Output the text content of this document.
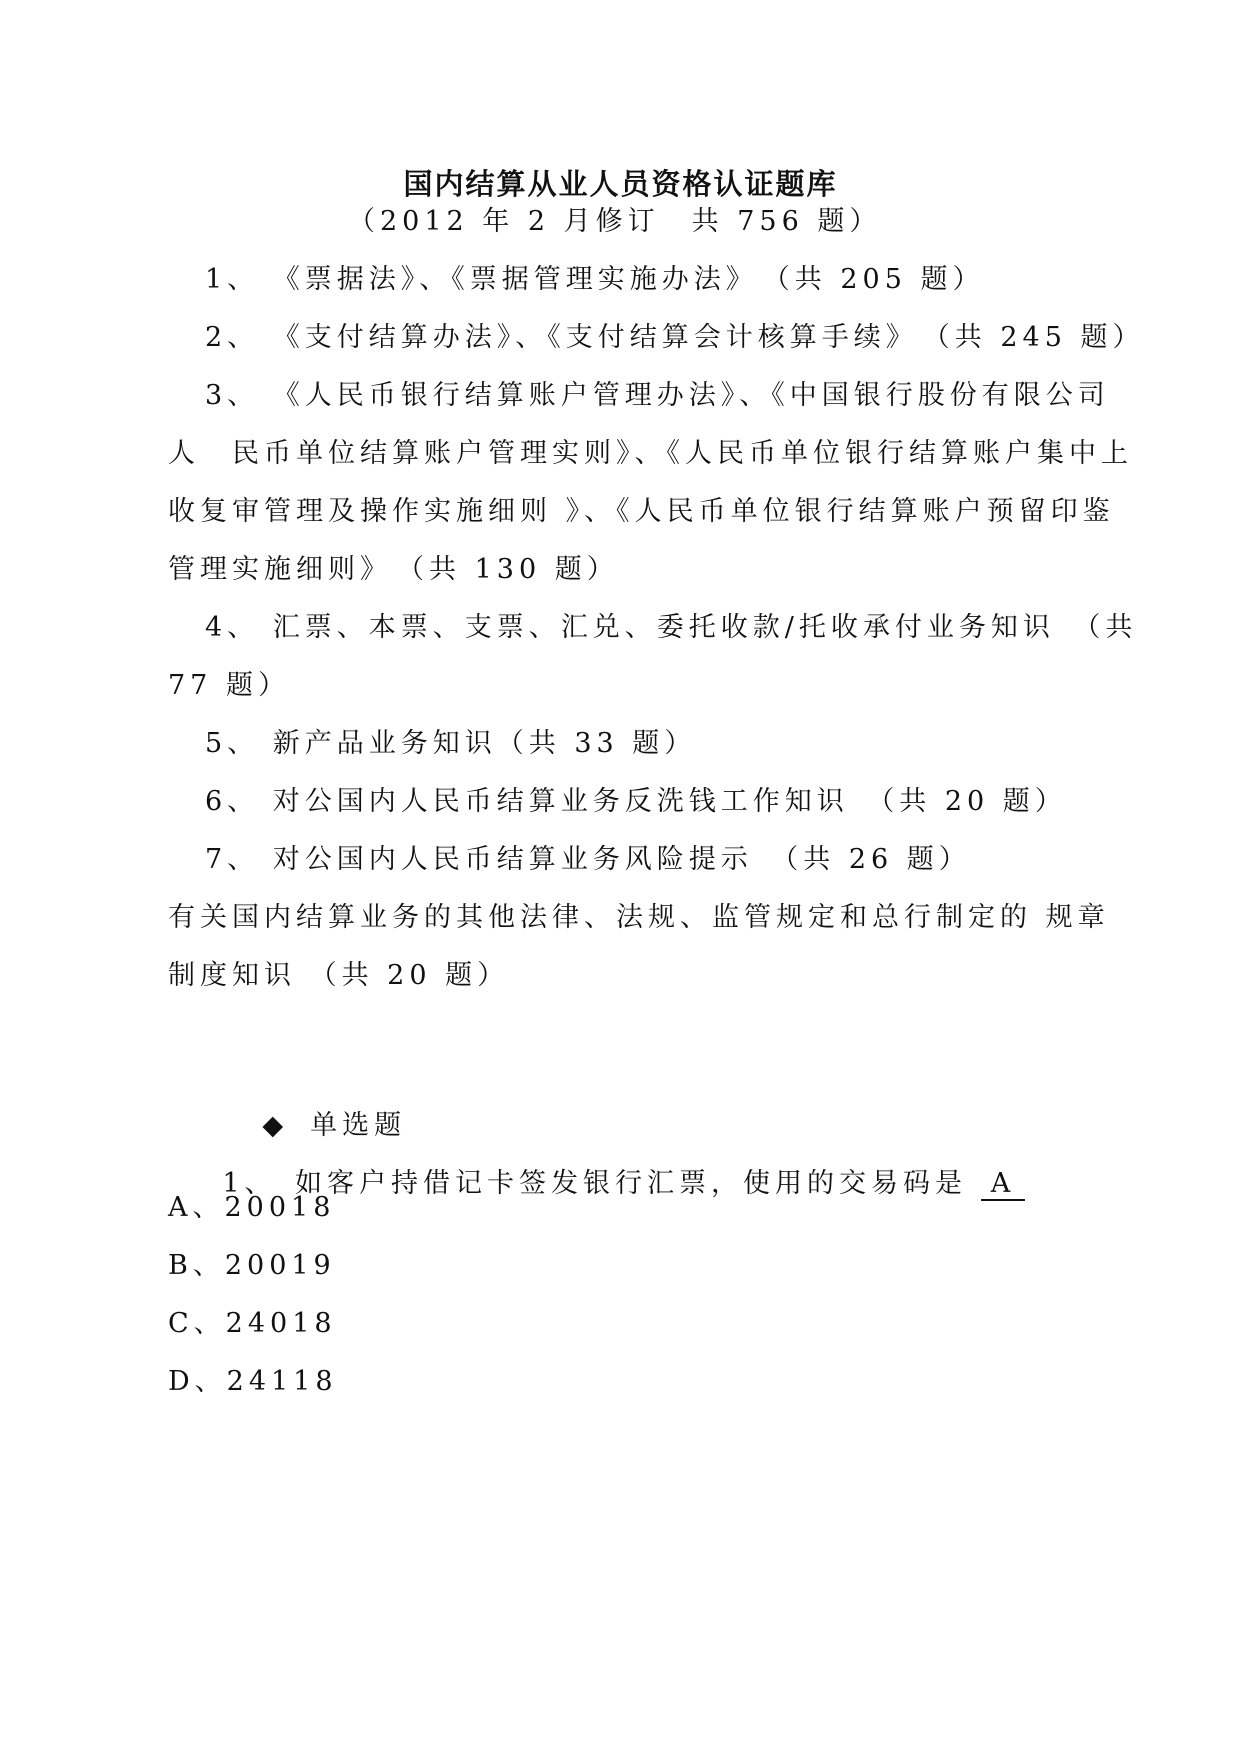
国内结算从业人员资格认证题库
（2012 年 2 月修订　共 756 题）
1、 《票据法》、《票据管理实施办法》　（共 205 题）
2、 《支付结算办法》、《支付结算会计核算手续》　（共 245 题）
3、 《人民币银行结算账户管理办法》、《中国银行股份有限公司
人　民币单位结算账户管理实则》、《人民币单位银行结算账户集中上
收复审管理及操作实施细则 》、《人民币单位银行结算账户预留印鉴
管理实施细则》　（共 130 题）
4、 汇票、本票、支票、汇兑、委托收款/托收承付业务知识　（共
77 题）
5、 新产品业务知识（共 33 题）
6、 对公国内人民币结算业务反洗钱工作知识　（共 20 题）
7、 对公国内人民币结算业务风险提示　（共 26 题）
有关国内结算业务的其他法律、法规、监管规定和总行制定的 规章
制度知识 （共 20 题）

◆ 单选题

1、　如客户持借记卡签发银行汇票，使用的交易码是 A

A、20018
B、20019
C、24018
D、24118
